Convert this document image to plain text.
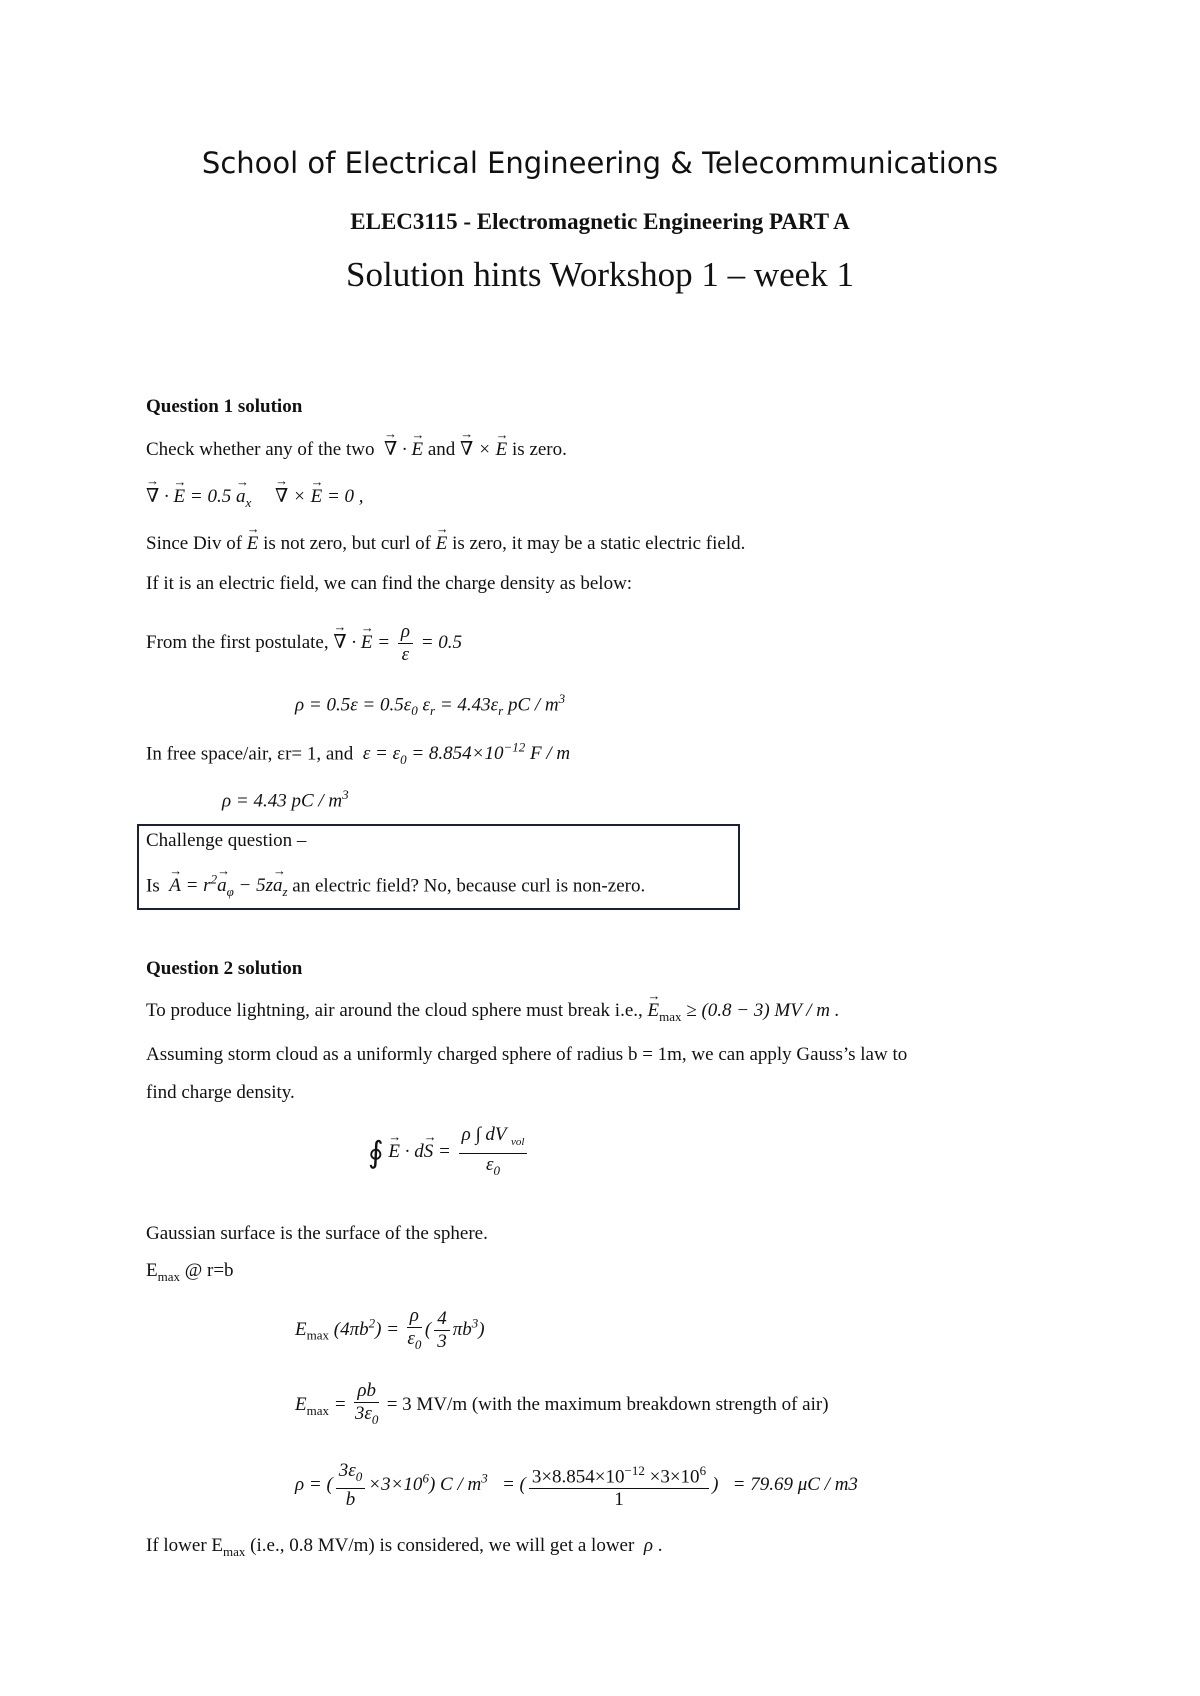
School of Electrical Engineering & Telecommunications
ELEC3115 - Electromagnetic Engineering PART A
Solution hints Workshop 1 – week 1
Question 1 solution
Check whether any of the two → ∇ · → E and → ∇ × → E is zero.
→ ∇ · → $E = 0.5 \to a_x$ → ∇ × → E = 0 ,
Since Div of → E is not zero, but curl of → E is zero, it may be a static electric field.
If it is an electric field, we can find the charge density as below:
From the first postulate, → ∇ · → $E = \frac{\rho}{\varepsilon} = 0.5$
$\rho = 0.5\varepsilon = 0.5\varepsilon_0$ $\varepsilon_r = 4.43\varepsilon_r$ pC / $m^3$
In free space/air, εr= 1, and  $\varepsilon = \varepsilon_0 = 8.854\times 10^{-12}$ F / m
ρ = 4.43 pC / $m^3$
Challenge question –
$Is \to A = r^2\to a_\varphi - 5z\to a_z$ an electric field? No, because curl is non-zero.
Question 2 solution
To produce lightning, air around the cloud sphere must break i.e., → $E_{max} \ge (0.8 - 3)$ MV / m .
Assuming storm cloud as a uniformly charged sphere of radius b = 1m, we can apply Gauss’s law to
find charge density.
∮ → $E \cdot d\to S = \frac{\rho \int dV _{vol}}{\varepsilon_0}$
Gaussian surface is the surface of the sphere.
$E_{max}$ @ r=b
$E_{max}$ $(4\pi b^2) = \frac{\rho}{\varepsilon_0}$ ( $\frac{4}{3} \pi b^3$)
$E_{max} = \frac{\rho b}{3\varepsilon_0} = 3$ MV/m (with the maximum breakdown strength of air)
ρ = ( $\frac{3\varepsilon_0}{b} \times 3\times 10^6$) C / $m^3$   = ( $\frac{3\times 8.854\times 10^{-12} \times 3\times 10^6}{1}$ ) = 79.69 μC / m3
If lower $E_{max}$ (i.e., 0.8 MV/m) is considered, we will get a lower  ρ .
